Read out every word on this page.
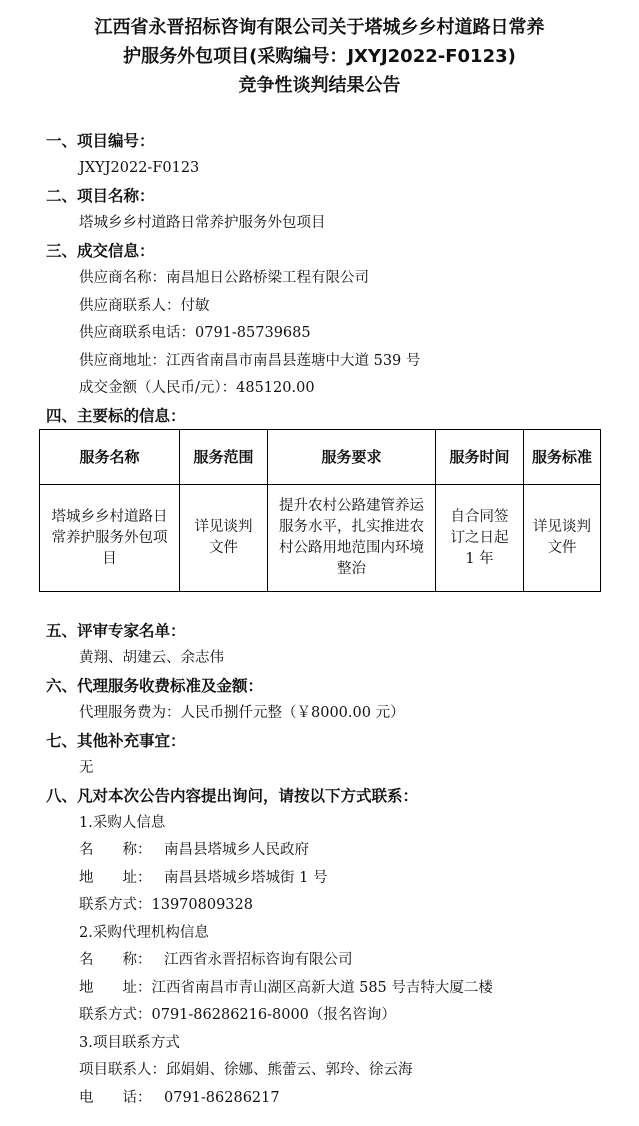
江西省永晋招标咨询有限公司关于塔城乡乡村道路日常养
护服务外包项目(采购编号：JXYJ2022-F0123)
竞争性谈判结果公告
一、项目编号：
JXYJ2022-F0123
二、项目名称：
塔城乡乡村道路日常养护服务外包项目
三、成交信息：
供应商名称：南昌旭日公路桥梁工程有限公司
供应商联系人：付敏
供应商联系电话：0791-85739685
供应商地址：江西省南昌市南昌县莲塘中大道 539 号
成交金额（人民币/元）：485120.00
四、主要标的信息：
服务名称	服务范围	服务要求	服务时间	服务标准
塔城乡乡村道路日常养护服务外包项目	详见谈判文件	提升农村公路建管养运服务水平，扎实推进农村公路用地范围内环境整治	自合同签订之日起 1 年	详见谈判文件
五、评审专家名单：
黄翔、胡建云、余志伟
六、代理服务收费标准及金额：
代理服务费为：人民币捌仟元整（￥8000.00 元）
七、其他补充事宜：
无
八、凡对本次公告内容提出询问，请按以下方式联系：
1.采购人信息
名　　称： 南昌县塔城乡人民政府
地　　址： 南昌县塔城乡塔城街 1 号
联系方式：13970809328
2.采购代理机构信息
名　　称： 江西省永晋招标咨询有限公司
地　　址：江西省南昌市青山湖区高新大道 585 号吉特大厦二楼
联系方式：0791-86286216-8000（报名咨询）
3.项目联系方式
项目联系人：邱娟娟、徐娜、熊蕾云、郭玲、徐云海
电　　话： 0791-86286217
